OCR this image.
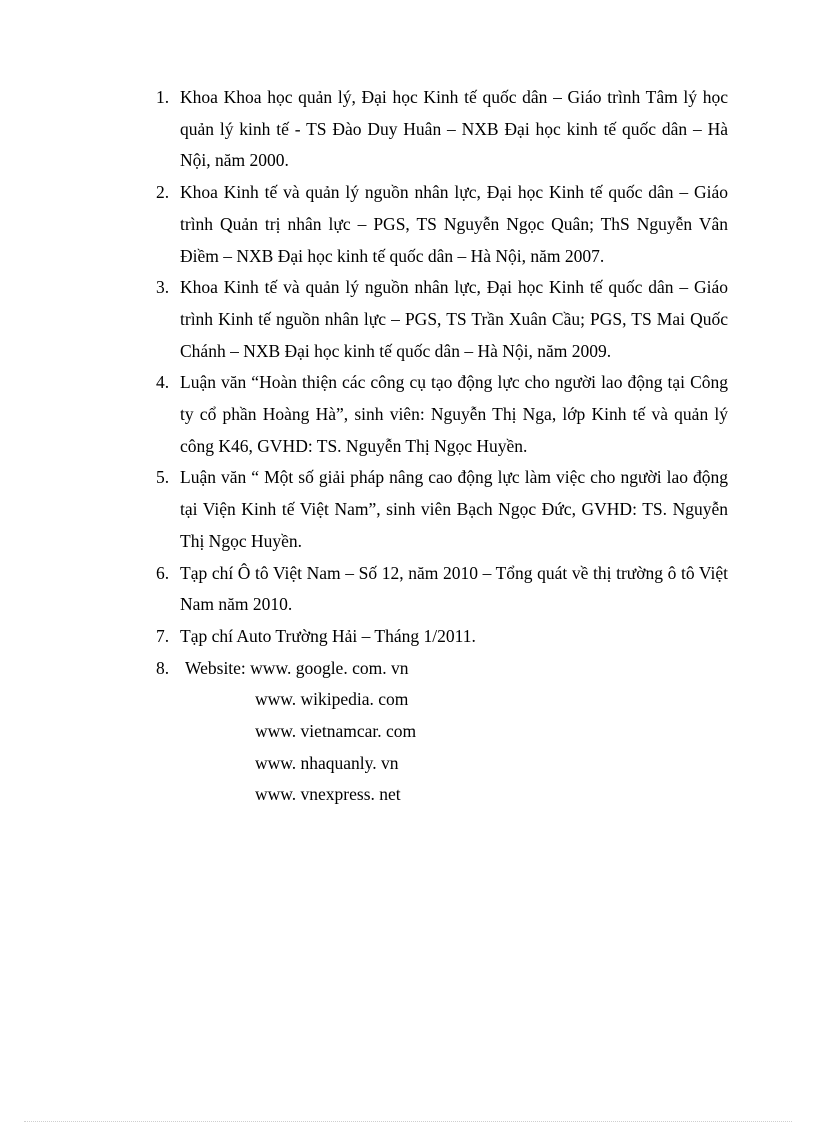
1. Khoa Khoa học quản lý, Đại học Kinh tế quốc dân – Giáo trình Tâm lý học quản lý kinh tế - TS Đào Duy Huân – NXB Đại học kinh tế quốc dân – Hà Nội, năm 2000.
2. Khoa Kinh tế và quản lý nguồn nhân lực, Đại học Kinh tế quốc dân – Giáo trình Quản trị nhân lực – PGS, TS Nguyễn Ngọc Quân; ThS Nguyễn Vân Điềm – NXB Đại học kinh tế quốc dân – Hà Nội, năm 2007.
3. Khoa Kinh tế và quản lý nguồn nhân lực, Đại học Kinh tế quốc dân – Giáo trình Kinh tế nguồn nhân lực – PGS, TS Trần Xuân Cầu; PGS, TS Mai Quốc Chánh – NXB Đại học kinh tế quốc dân – Hà Nội, năm 2009.
4. Luận văn “Hoàn thiện các công cụ tạo động lực cho người lao động tại Công ty cổ phần Hoàng Hà”, sinh viên: Nguyễn Thị Nga, lớp Kinh tế và quản lý công K46, GVHD: TS. Nguyễn Thị Ngọc Huyền.
5. Luận văn “ Một số giải pháp nâng cao động lực làm việc cho người lao động tại Viện Kinh tế Việt Nam”, sinh viên Bạch Ngọc Đức, GVHD: TS. Nguyễn Thị Ngọc Huyền.
6. Tạp chí Ô tô Việt Nam – Số 12, năm 2010 – Tổng quát về thị trường ô tô Việt Nam năm 2010.
7. Tạp chí Auto Trường Hải – Tháng 1/2011.
8. Website: www. google. com. vn
www. wikipedia. com
www. vietnamcar. com
www. nhaquanly. vn
www. vnexpress. net
